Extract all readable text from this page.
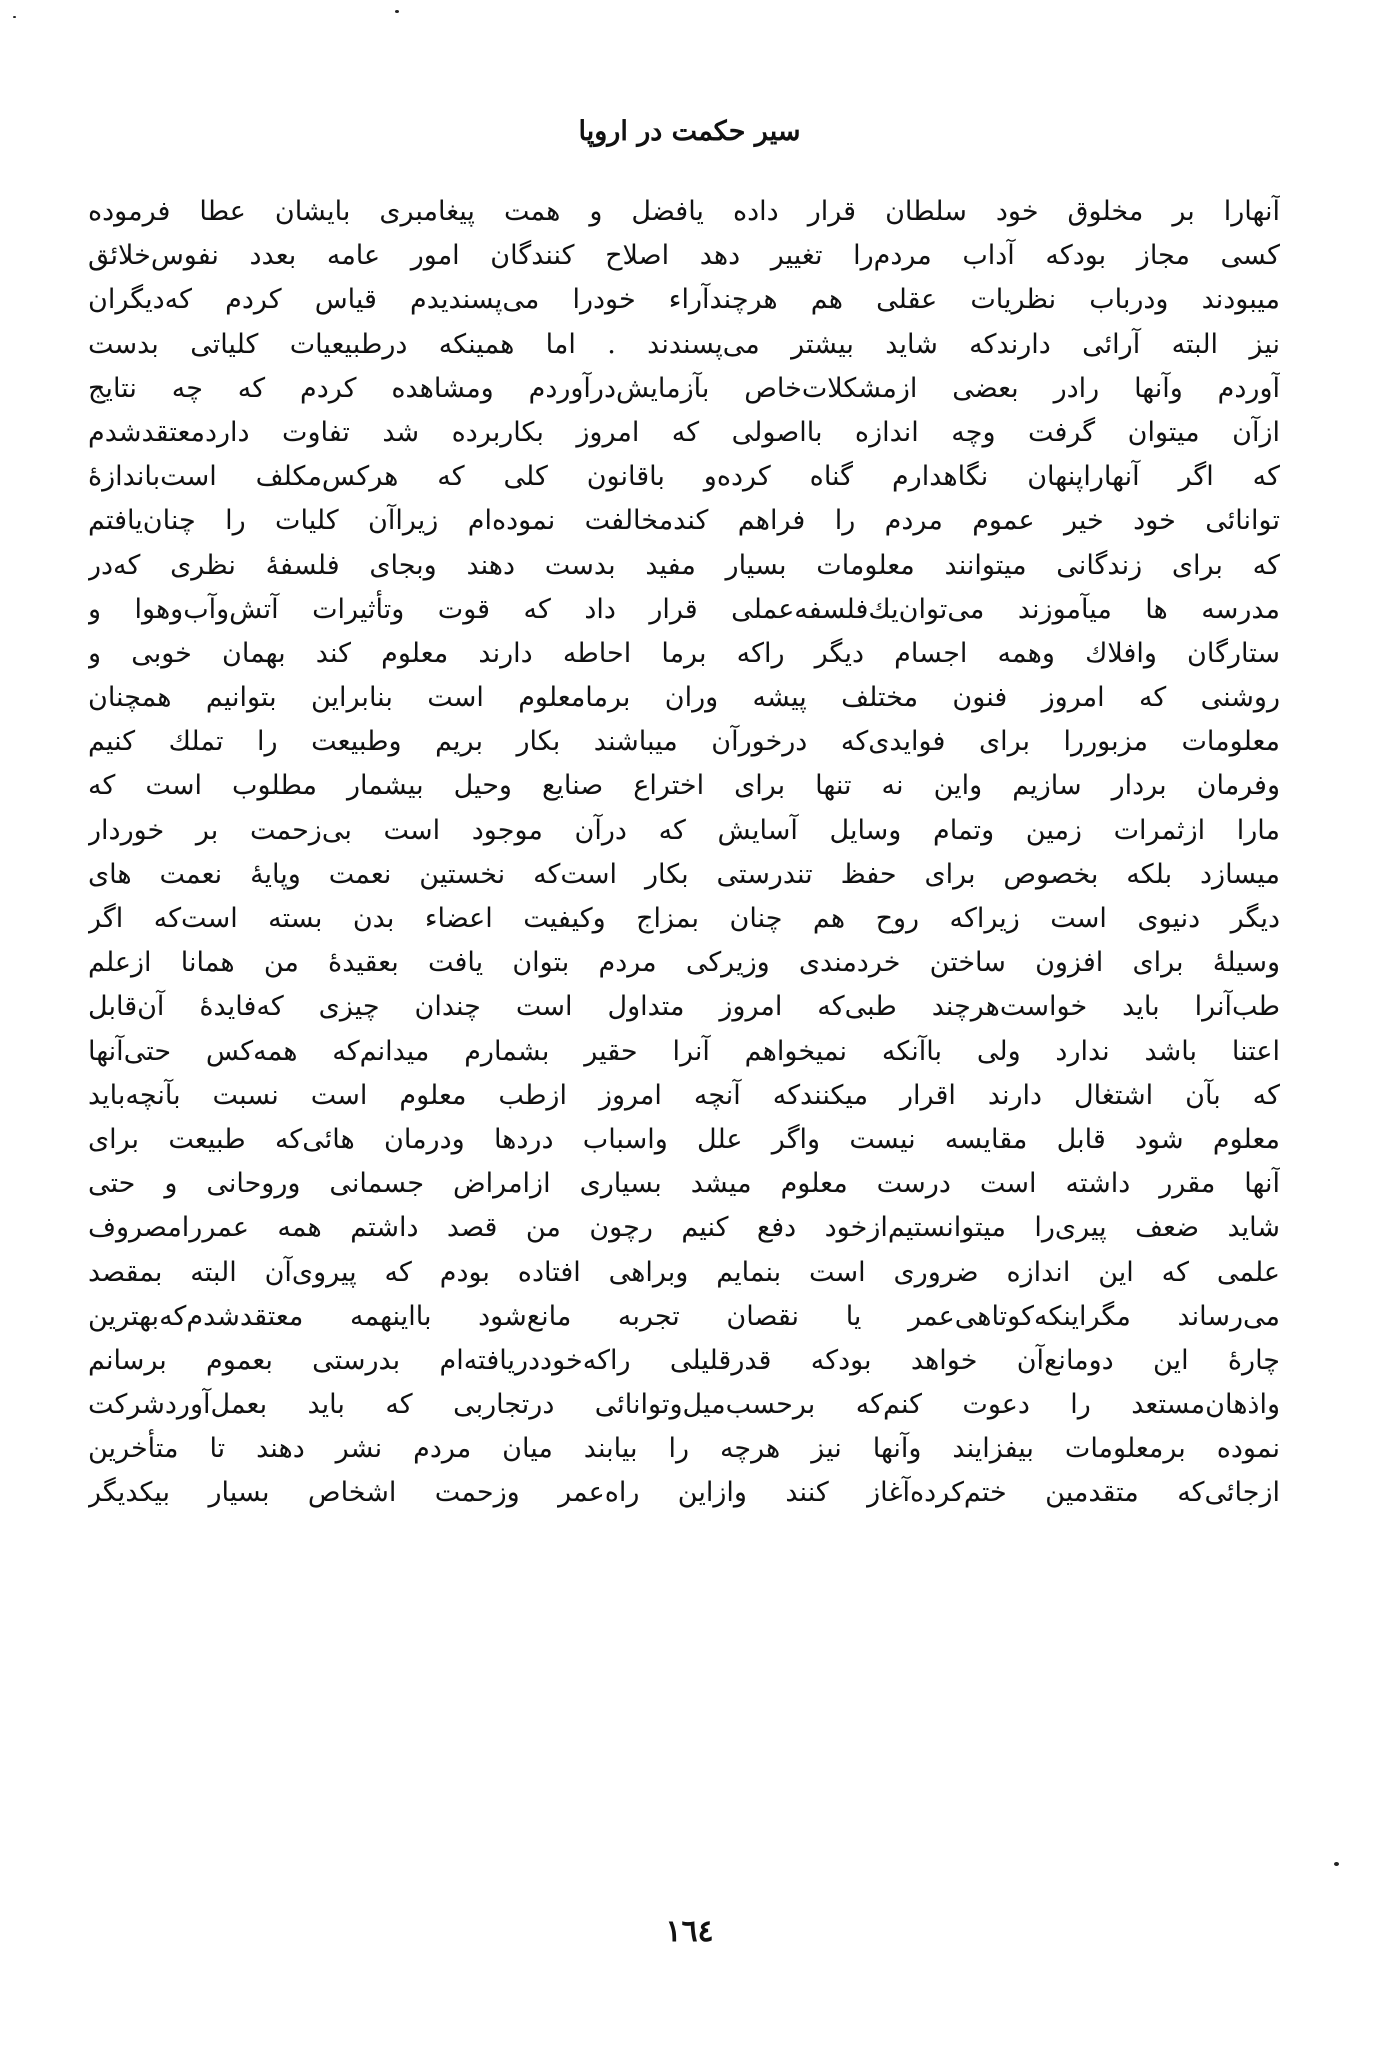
سیر حکمت در اروپا
آنهارا بر مخلوق خود سلطان قرار داده یافضل و همت پیغامبری بایشان عطا فرموده
کسی مجاز بودکه آداب مردم‌را تغییر دهد اصلاح کنندگان امور عامه بعدد نفوس‌خلائق
میبودند ودرباب نظریات عقلی هم هرچندآراء خودرا می‌پسندیدم قیاس کردم که‌دیگران
نیز البته آرائی دارندکه شاید بیشتر می‌پسندند . اما همینکه درطبیعیات کلیاتی بدست
آوردم وآنها رادر بعضی ازمشکلات‌خاص بآزمایش‌درآوردم ومشاهده کردم که چه نتایج
ازآن میتوان گرفت وچه اندازه بااصولی که امروز بکاربرده شد تفاوت داردمعتقدشدم
که اگر آنهاراپنهان نگاهدارم گناه کرده‌و باقانون کلی که هرکس‌مکلف است‌باندازهٔ
توانائی خود خیر عموم مردم را فراهم کندمخالفت نموده‌ام زیراآن کلیات را چنان‌یافتم
که برای زندگانی میتوانند معلومات بسیار مفید بدست دهند وبجای فلسفهٔ نظری که‌در
مدرسه ها میآموزند می‌توان‌یك‌فلسفه‌عملی قرار داد که قوت وتأثیرات آتش‌وآب‌وهوا و
ستارگان وافلاك وهمه اجسام دیگر راکه برما احاطه دارند معلوم کند بهمان خوبی و
روشنی که امروز فنون مختلف پیشه وران برمامعلوم است بنابراین بتوانیم همچنان
معلومات مزبوررا برای فوایدی‌که درخورآن میباشند بکار بریم وطبیعت را تملك کنیم
وفرمان بردار سازیم واین نه تنها برای اختراع صنایع وحیل بیشمار مطلوب است که
مارا ازثمرات زمین وتمام وسایل آسایش که درآن موجود است بی‌زحمت بر خوردار
میسازد بلکه بخصوص برای حفظ تندرستی بکار است‌که نخستین نعمت وپایهٔ نعمت های
دیگر دنیوی است زیراکه روح هم چنان بمزاج وکیفیت اعضاء بدن بسته است‌که اگر
وسیلهٔ برای افزون ساختن خردمندی وزیرکی مردم بتوان یافت بعقیدهٔ من همانا ازعلم
طب‌آنرا باید خواست‌هرچند طبی‌که امروز متداول است چندان چیزی که‌فایدهٔ آن‌قابل
اعتنا باشد ندارد ولی باآنکه نمیخواهم آنرا حقیر بشمارم میدانم‌که همه‌کس حتی‌آنها
که بآن اشتغال دارند اقرار میکنندکه آنچه امروز ازطب معلوم است نسبت بآنچه‌باید
معلوم شود قابل مقایسه نیست واگر علل واسباب دردها ودرمان هائی‌که طبیعت برای
آنها مقرر داشته است درست معلوم میشد بسیاری ازامراض جسمانی وروحانی و حتی
شاید ضعف پیری‌را میتوانستیم‌ازخود دفع کنیم رچون من قصد داشتم همه عمررامصروف
علمی که این اندازه ضروری است بنمایم وبراهی افتاده بودم که پیروی‌آن البته بمقصد
می‌رساند مگراینکه‌کوتاهی‌عمر یا نقصان تجربه مانع‌شود بااینهمه معتقدشدم‌که‌بهترین
چارهٔ این دومانع‌آن خواهد بودکه قدرقلیلی راکه‌خوددریافته‌ام بدرستی بعموم برسانم
واذهان‌مستعد را دعوت کنم‌که برحسب‌میل‌وتوانائی درتجاربی که باید بعمل‌آوردشرکت
نموده برمعلومات بیفزایند وآنها نیز هرچه را بیابند میان مردم نشر دهند تا متأخرین
ازجائی‌که متقدمین ختم‌کرده‌آغاز کنند وازاین راه‌عمر وزحمت اشخاص بسیار بیکدیگر
۱٦٤
